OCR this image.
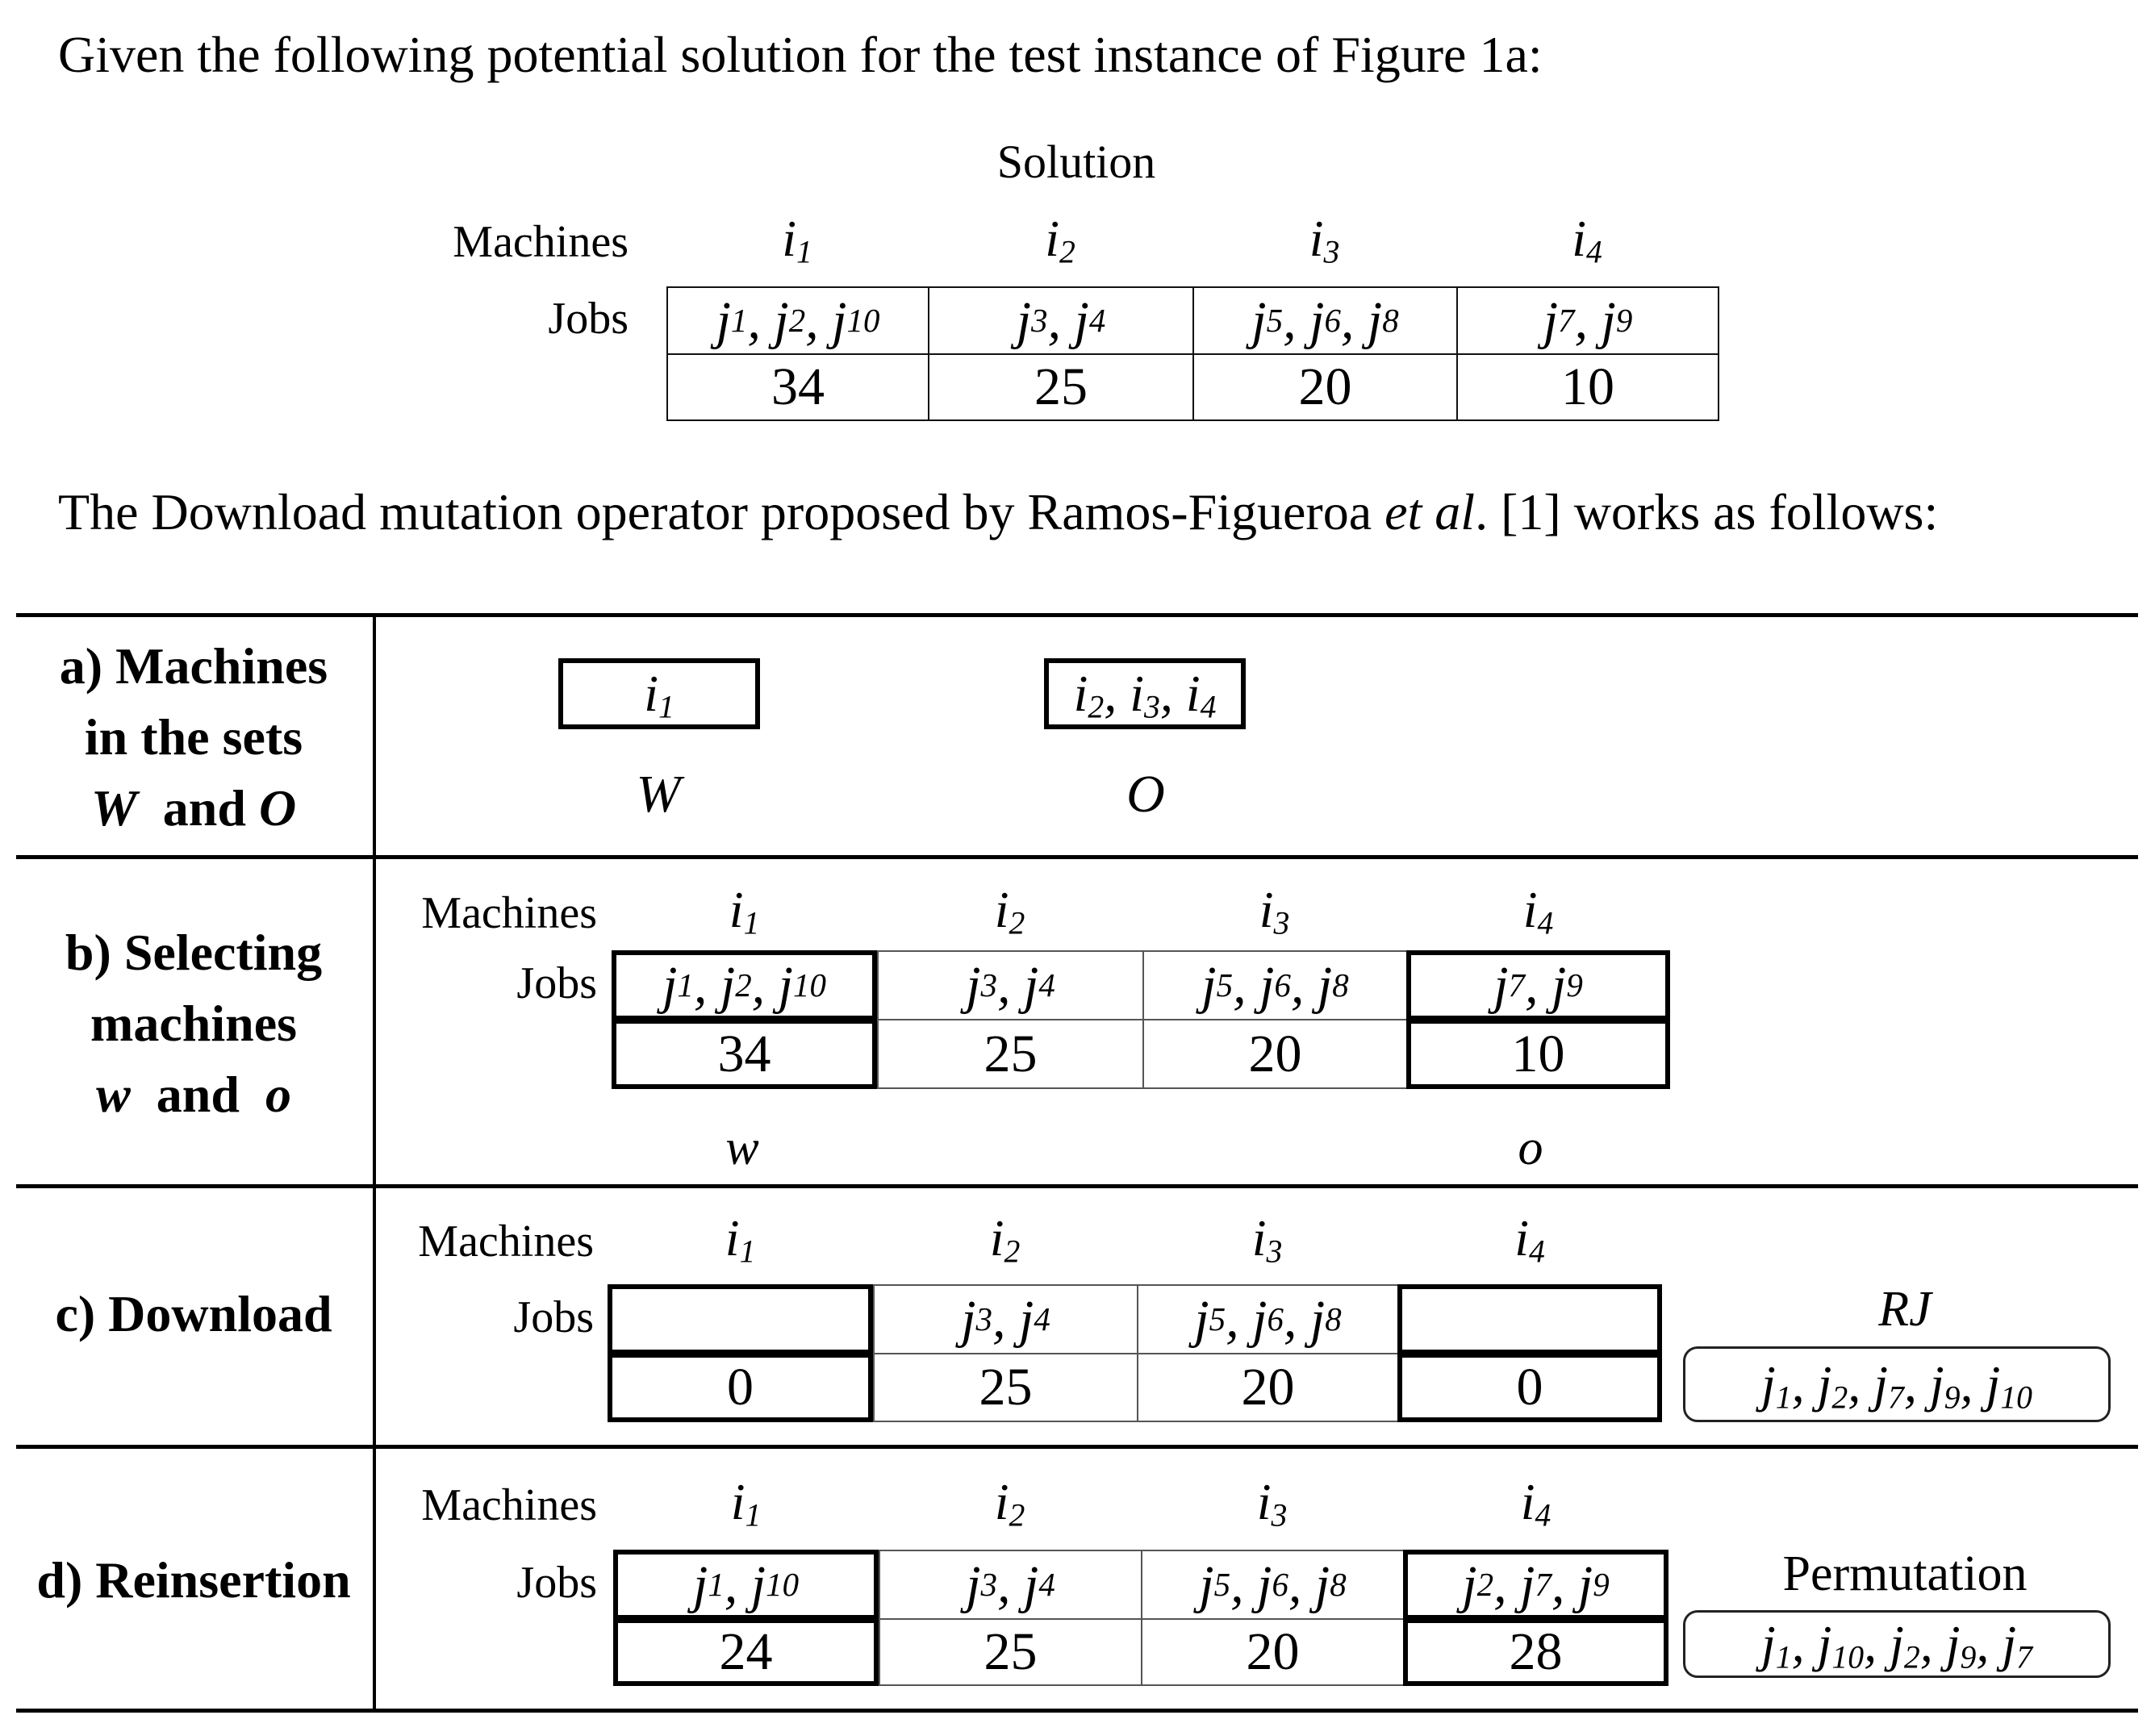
Given the following potential solution for the test instance of Figure 1a:
Solution
Machines
Jobs
$i_1$
j 1 , j 2 , j 10
34
$i_2$
j 3 , j 4
25
$i_3$
j 5 , j 6 , j 8
20
$i_4$
j 7 , j 9
10
The Download mutation operator proposed by Ramos-Figueroa et al. [1] works as follows:
a) Machines
in the sets
W and O
$i_1$	$i_2$, $i_3$, $i_4$
W	O
b) Selecting
machines
w and o
Machines
Jobs
$i_1$
j 1 , j 2 , j 10
34
$i_2$
j 3 , j 4
25
$i_3$
j 5 , j 6 , j 8
20
$i_4$
j 7 , j 9
10
w	o
c) Download
Machines
Jobs
$i_1$
0
$i_2$
j 3 , j 4
25
$i_3$
j 5 , j 6 , j 8
20
$i_4$
0
RJ
$j_1$, $j_2$, $j_7$, $j_9$, $j_{10}$
d) Reinsertion
Machines
Jobs
$i_1$
j 1 , j 10
24
$i_2$
j 3 , j 4
25
$i_3$
j 5 , j 6 , j 8
20
$i_4$
j 2 , j 7 , j 9
28
Permutation
$j_1$, $j_{10}$, $j_2$, $j_9$, $j_7$
